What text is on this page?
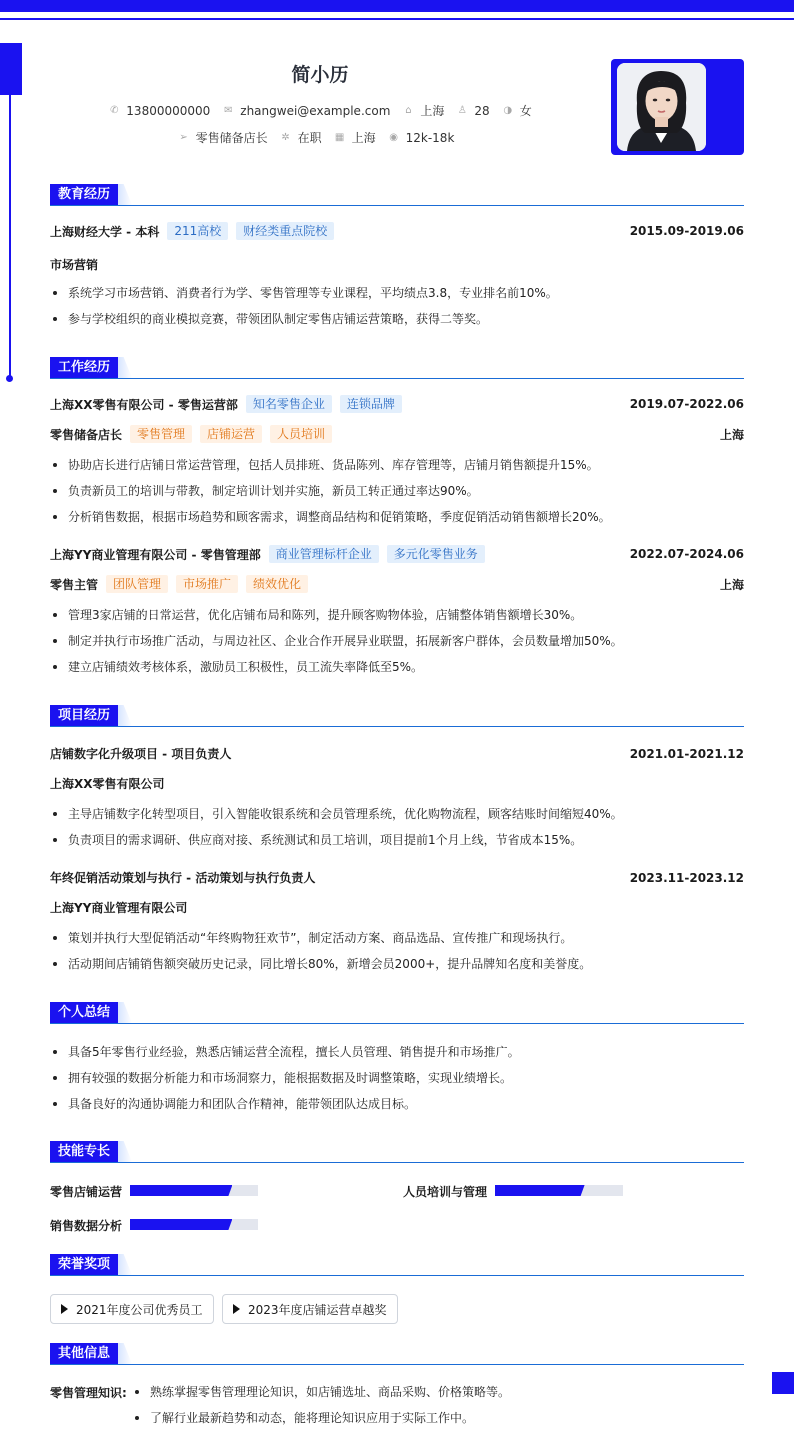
简小历
✆ 13800000000 ✉ zhangwei@example.com ⌂ 上海 ♙ 28 ◑ 女
➢ 零售储备店长 ✲ 在职 ▦ 上海 ◉ 12k-18k
教育经历
上海财经大学 - 本科	211高校	财经类重点院校	2015.09-2019.06
市场营销
系统学习市场营销、消费者行为学、零售管理等专业课程，平均绩点3.8，专业排名前10%。
参与学校组织的商业模拟竞赛，带领团队制定零售店铺运营策略，获得二等奖。
工作经历
上海XX零售有限公司 - 零售运营部	知名零售企业	连锁品牌	2019.07-2022.06
零售储备店长	零售管理	店铺运营	人员培训	上海
协助店长进行店铺日常运营管理，包括人员排班、货品陈列、库存管理等，店铺月销售额提升15%。
负责新员工的培训与带教，制定培训计划并实施，新员工转正通过率达90%。
分析销售数据，根据市场趋势和顾客需求，调整商品结构和促销策略，季度促销活动销售额增长20%。
上海YY商业管理有限公司 - 零售管理部	商业管理标杆企业	多元化零售业务	2022.07-2024.06
零售主管	团队管理	市场推广	绩效优化	上海
管理3家店铺的日常运营，优化店铺布局和陈列，提升顾客购物体验，店铺整体销售额增长30%。
制定并执行市场推广活动，与周边社区、企业合作开展异业联盟，拓展新客户群体，会员数量增加50%。
建立店铺绩效考核体系，激励员工积极性，员工流失率降低至5%。
项目经历
店铺数字化升级项目 - 项目负责人	2021.01-2021.12
上海XX零售有限公司
主导店铺数字化转型项目，引入智能收银系统和会员管理系统，优化购物流程，顾客结账时间缩短40%。
负责项目的需求调研、供应商对接、系统测试和员工培训，项目提前1个月上线，节省成本15%。
年终促销活动策划与执行 - 活动策划与执行负责人	2023.11-2023.12
上海YY商业管理有限公司
策划并执行大型促销活动“年终购物狂欢节”，制定活动方案、商品选品、宣传推广和现场执行。
活动期间店铺销售额突破历史记录，同比增长80%，新增会员2000+，提升品牌知名度和美誉度。
个人总结
具备5年零售行业经验，熟悉店铺运营全流程，擅长人员管理、销售提升和市场推广。
拥有较强的数据分析能力和市场洞察力，能根据数据及时调整策略，实现业绩增长。
具备良好的沟通协调能力和团队合作精神，能带领团队达成目标。
技能专长
零售店铺运营	人员培训与管理
销售数据分析
荣誉奖项
2021年度公司优秀员工	2023年度店铺运营卓越奖
其他信息
零售管理知识:	熟练掌握零售管理理论知识，如店铺选址、商品采购、价格策略等。
了解行业最新趋势和动态，能将理论知识应用于实际工作中。
